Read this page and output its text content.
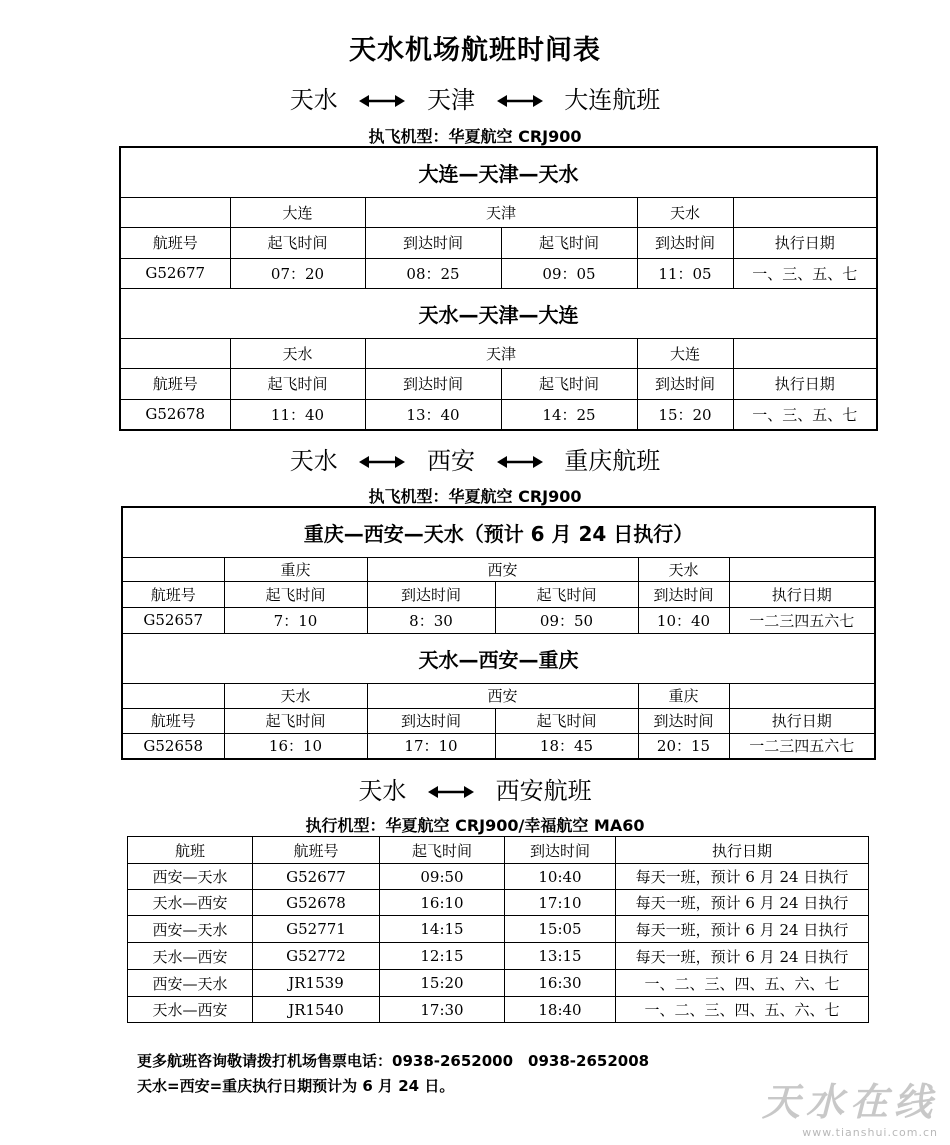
天水机场航班时间表
天水	天津	大连航班
执飞机型：华夏航空 CRJ900
大连—天津—天水					
	大连	天津		天水	
航班号	起飞时间	到达时间	起飞时间	到达时间	执行日期
G52677	07：20	08：25	09：05	11：05	一、三、五、七
天水—天津—大连					
	天水	天津		大连	
航班号	起飞时间	到达时间	起飞时间	到达时间	执行日期
G52678	11：40	13：40	14：25	15：20	一、三、五、七
天水	西安	重庆航班
执飞机型：华夏航空 CRJ900
重庆—西安—天水（预计 6 月 24 日执行）					
	重庆	西安		天水	
航班号	起飞时间	到达时间	起飞时间	到达时间	执行日期
G52657	7：10	8：30	09：50	10：40	一二三四五六七
天水—西安—重庆					
	天水	西安		重庆	
航班号	起飞时间	到达时间	起飞时间	到达时间	执行日期
G52658	16：10	17：10	18：45	20：15	一二三四五六七
天水	西安航班
执行机型：华夏航空 CRJ900/幸福航空 MA60
航班	航班号	起飞时间	到达时间	执行日期
西安—天水	G52677	09:50	10:40	每天一班，预计 6 月 24 日执行
天水—西安	G52678	16:10	17:10	每天一班，预计 6 月 24 日执行
西安—天水	G52771	14:15	15:05	每天一班，预计 6 月 24 日执行
天水—西安	G52772	12:15	13:15	每天一班，预计 6 月 24 日执行
西安—天水	JR1539	15:20	16:30	一、二、三、四、五、六、七
天水—西安	JR1540	17:30	18:40	一、二、三、四、五、六、七
更多航班咨询敬请拨打机场售票电话：0938-2652000　0938-2652008
天水=西安=重庆执行日期预计为 6 月 24 日。	天水在线
www.tianshui.com.cn
